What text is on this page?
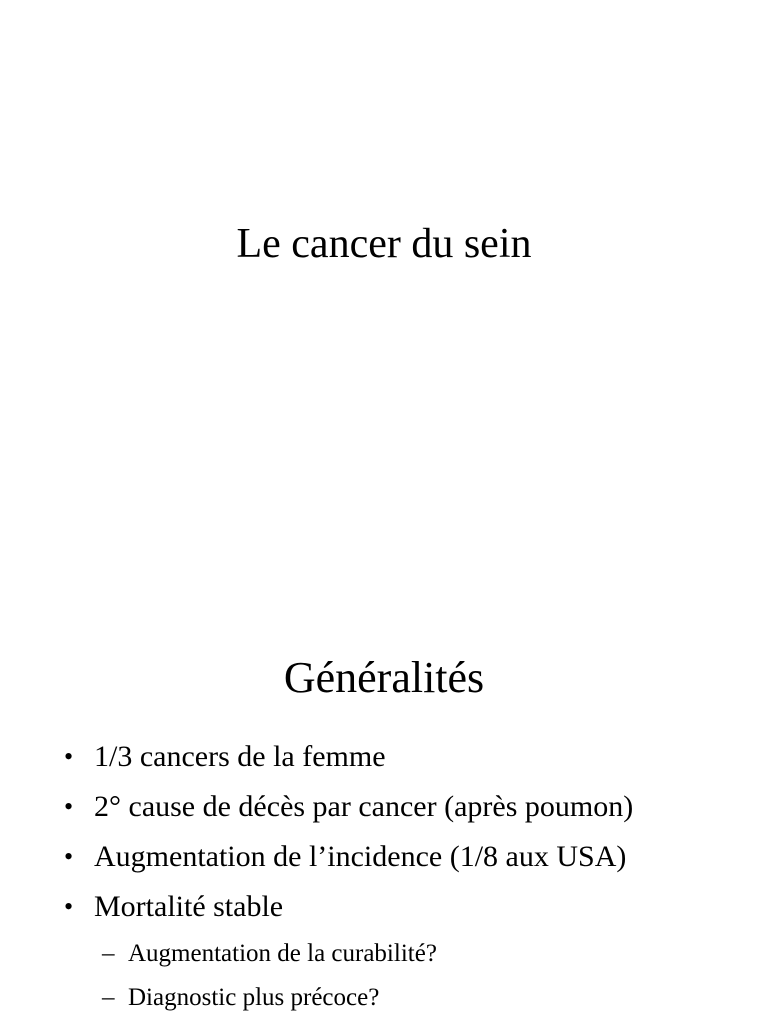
Le cancer du sein
Généralités
• 1/3 cancers de la femme
• 2° cause de décès par cancer (après poumon)
• Augmentation de l’incidence (1/8 aux USA)
• Mortalité stable
– Augmentation de la curabilité?
– Diagnostic plus précoce?
